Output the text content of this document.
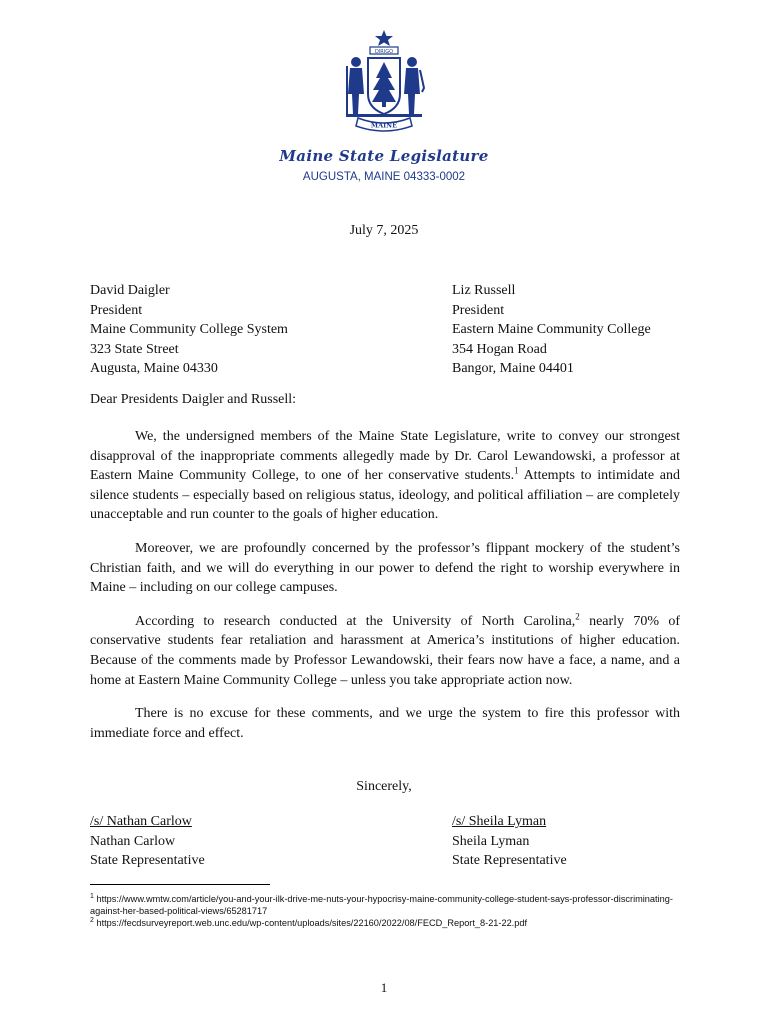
DIRIGO
MAINE
Maine State Legislature
AUGUSTA, MAINE 04333-0002
July 7, 2025
David Daigler
President
Maine Community College System
323 State Street
Augusta, Maine 04330
Liz Russell
President
Eastern Maine Community College
354 Hogan Road
Bangor, Maine 04401
Dear Presidents Daigler and Russell:

We, the undersigned members of the Maine State Legislature, write to convey our strongest disapproval of the inappropriate comments allegedly made by Dr. Carol Lewandowski, a professor at Eastern Maine Community College, to one of her conservative students.$^1$ Attempts to intimidate and silence students – especially based on religious status, ideology, and political affiliation – are completely unacceptable and run counter to the goals of higher education.

Moreover, we are profoundly concerned by the professor’s flippant mockery of the student’s Christian faith, and we will do everything in our power to defend the right to worship everywhere in Maine – including on our college campuses.

According to research conducted at the University of North Carolina,$^2$ nearly 70% of conservative students fear retaliation and harassment at America’s institutions of higher education. Because of the comments made by Professor Lewandowski, their fears now have a face, a name, and a home at Eastern Maine Community College – unless you take appropriate action now.

There is no excuse for these comments, and we urge the system to fire this professor with immediate force and effect.

Sincerely,
/s/ Nathan Carlow
Nathan Carlow
State Representative
/s/ Sheila Lyman
Sheila Lyman
State Representative
$^1$ https://www.wmtw.com/article/you-and-your-ilk-drive-me-nuts-your-hypocrisy-maine-community-college-student-says-professor-discriminating-against-her-based-political-views/65281717
$^2$ https://fecdsurveyreport.web.unc.edu/wp-content/uploads/sites/22160/2022/08/FECD_Report_8-21-22.pdf
1
